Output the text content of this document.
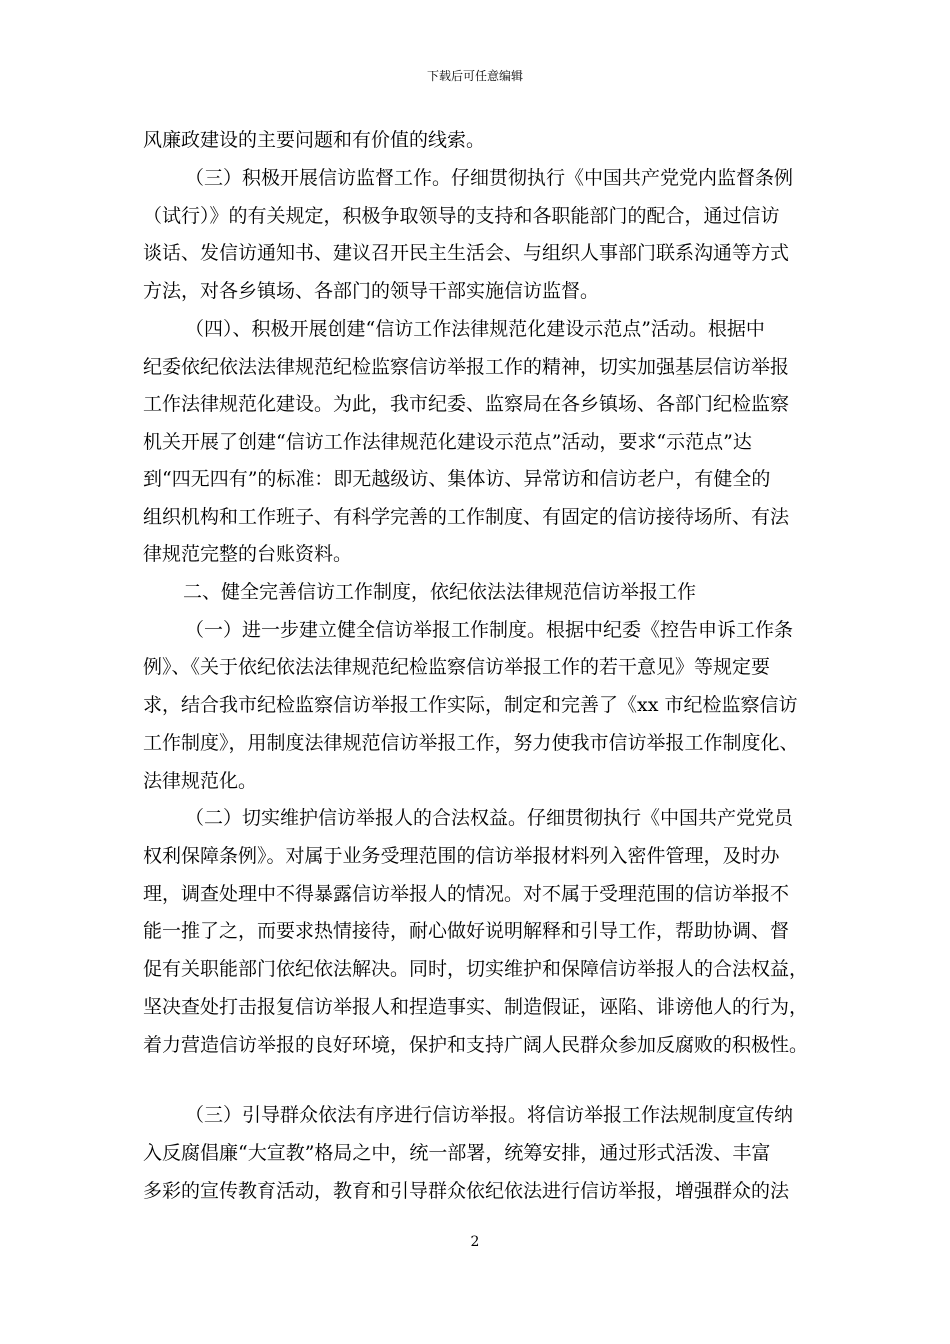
下载后可任意编辑
风廉政建设的主要问题和有价值的线索。
（三）积极开展信访监督工作。仔细贯彻执行《中国共产党党内监督条例
（试行）》的有关规定，积极争取领导的支持和各职能部门的配合，通过信访
谈话、发信访通知书、建议召开民主生活会、与组织人事部门联系沟通等方式
方法，对各乡镇场、各部门的领导干部实施信访监督。
（四）、积极开展创建“信访工作法律规范化建设示范点”活动。根据中
纪委依纪依法法律规范纪检监察信访举报工作的精神，切实加强基层信访举报
工作法律规范化建设。为此，我市纪委、监察局在各乡镇场、各部门纪检监察
机关开展了创建“信访工作法律规范化建设示范点”活动，要求“示范点”达
到“四无四有”的标准：即无越级访、集体访、异常访和信访老户，有健全的
组织机构和工作班子、有科学完善的工作制度、有固定的信访接待场所、有法
律规范完整的台账资料。
二、健全完善信访工作制度，依纪依法法律规范信访举报工作
（一）进一步建立健全信访举报工作制度。根据中纪委《控告申诉工作条
例》、《关于依纪依法法律规范纪检监察信访举报工作的若干意见》等规定要
求，结合我市纪检监察信访举报工作实际，制定和完善了《xx 市纪检监察信访
工作制度》，用制度法律规范信访举报工作，努力使我市信访举报工作制度化、
法律规范化。
（二）切实维护信访举报人的合法权益。仔细贯彻执行《中国共产党党员
权利保障条例》。对属于业务受理范围的信访举报材料列入密件管理，及时办
理，调查处理中不得暴露信访举报人的情况。对不属于受理范围的信访举报不
能一推了之，而要求热情接待，耐心做好说明解释和引导工作，帮助协调、督
促有关职能部门依纪依法解决。同时，切实维护和保障信访举报人的合法权益，
坚决查处打击报复信访举报人和捏造事实、制造假证，诬陷、诽谤他人的行为，
着力营造信访举报的良好环境，保护和支持广阔人民群众参加反腐败的积极性。
（三）引导群众依法有序进行信访举报。将信访举报工作法规制度宣传纳
入反腐倡廉“大宣教”格局之中，统一部署，统筹安排，通过形式活泼、丰富
多彩的宣传教育活动，教育和引导群众依纪依法进行信访举报，增强群众的法
2
